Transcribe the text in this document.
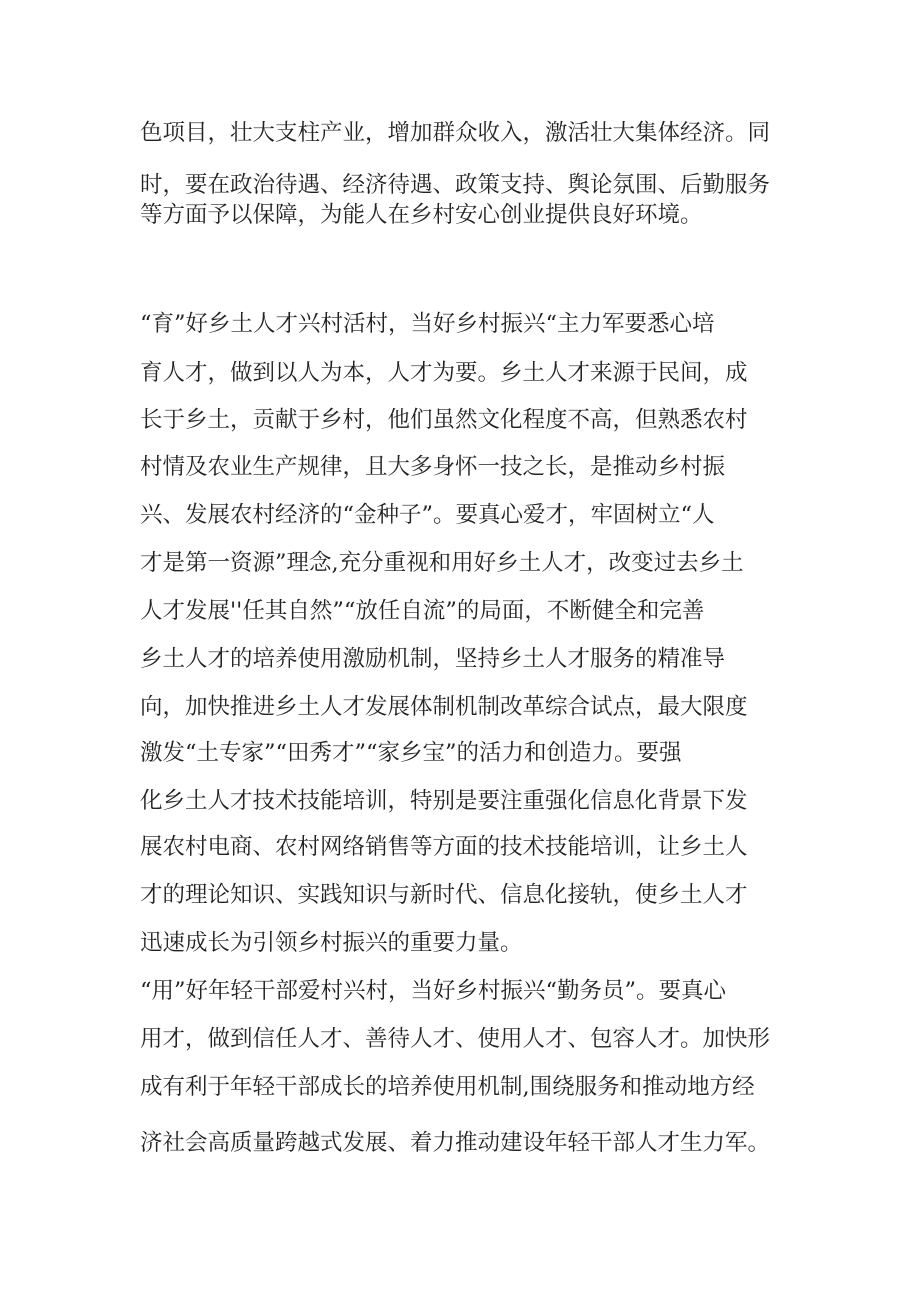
色项目，壮大支柱产业，增加群众收入，激活壮大集体经济。同

时，要在政治待遇、经济待遇、政策支持、舆论氛围、后勤服务

等方面予以保障，为能人在乡村安心创业提供良好环境。

“育”好乡土人才兴村活村，当好乡村振兴“主力军要悉心培

育人才，做到以人为本，人才为要。乡土人才来源于民间，成

长于乡土，贡献于乡村，他们虽然文化程度不高，但熟悉农村

村情及农业生产规律，且大多身怀一技之长，是推动乡村振

兴、发展农村经济的“金种子”。要真心爱才，牢固树立“人

才是第一资源”理念,充分重视和用好乡土人才，改变过去乡土

人才发展''任其自然”“放任自流”的局面，不断健全和完善

乡土人才的培养使用激励机制，坚持乡土人才服务的精准导

向，加快推进乡土人才发展体制机制改革综合试点，最大限度

激发“土专家”“田秀才”“家乡宝”的活力和创造力。要强

化乡土人才技术技能培训，特别是要注重强化信息化背景下发

展农村电商、农村网络销售等方面的技术技能培训，让乡土人

才的理论知识、实践知识与新时代、信息化接轨，使乡土人才

迅速成长为引领乡村振兴的重要力量。

“用”好年轻干部爱村兴村，当好乡村振兴“勤务员”。要真心

用才，做到信任人才、善待人才、使用人才、包容人才。加快形

成有利于年轻干部成长的培养使用机制,围绕服务和推动地方经

济社会高质量跨越式发展、着力推动建设年轻干部人才生力军。
